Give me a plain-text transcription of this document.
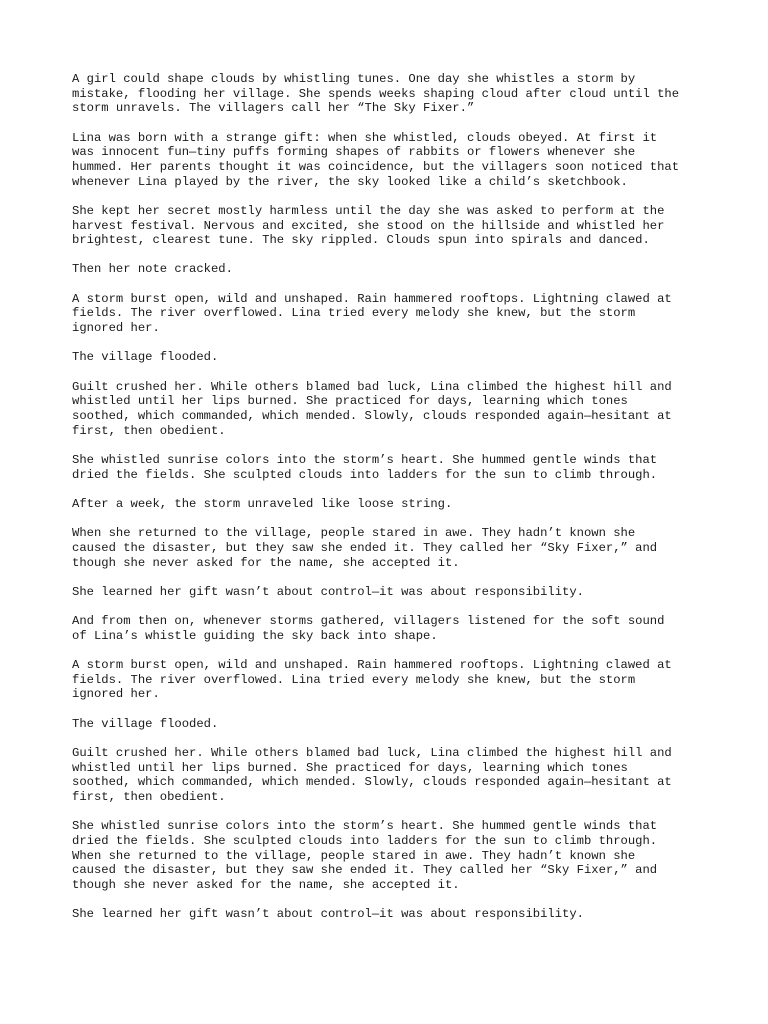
A girl could shape clouds by whistling tunes. One day she whistles a storm by
mistake, flooding her village. She spends weeks shaping cloud after cloud until the
storm unravels. The villagers call her “The Sky Fixer.”

Lina was born with a strange gift: when she whistled, clouds obeyed. At first it
was innocent fun—tiny puffs forming shapes of rabbits or flowers whenever she
hummed. Her parents thought it was coincidence, but the villagers soon noticed that
whenever Lina played by the river, the sky looked like a child’s sketchbook.

She kept her secret mostly harmless until the day she was asked to perform at the
harvest festival. Nervous and excited, she stood on the hillside and whistled her
brightest, clearest tune. The sky rippled. Clouds spun into spirals and danced.

Then her note cracked.

A storm burst open, wild and unshaped. Rain hammered rooftops. Lightning clawed at
fields. The river overflowed. Lina tried every melody she knew, but the storm
ignored her.

The village flooded.

Guilt crushed her. While others blamed bad luck, Lina climbed the highest hill and
whistled until her lips burned. She practiced for days, learning which tones
soothed, which commanded, which mended. Slowly, clouds responded again—hesitant at
first, then obedient.

She whistled sunrise colors into the storm’s heart. She hummed gentle winds that
dried the fields. She sculpted clouds into ladders for the sun to climb through.

After a week, the storm unraveled like loose string.

When she returned to the village, people stared in awe. They hadn’t known she
caused the disaster, but they saw she ended it. They called her “Sky Fixer,” and
though she never asked for the name, she accepted it.

She learned her gift wasn’t about control—it was about responsibility.

And from then on, whenever storms gathered, villagers listened for the soft sound
of Lina’s whistle guiding the sky back into shape.

A storm burst open, wild and unshaped. Rain hammered rooftops. Lightning clawed at
fields. The river overflowed. Lina tried every melody she knew, but the storm
ignored her.

The village flooded.

Guilt crushed her. While others blamed bad luck, Lina climbed the highest hill and
whistled until her lips burned. She practiced for days, learning which tones
soothed, which commanded, which mended. Slowly, clouds responded again—hesitant at
first, then obedient.

She whistled sunrise colors into the storm’s heart. She hummed gentle winds that
dried the fields. She sculpted clouds into ladders for the sun to climb through.
When she returned to the village, people stared in awe. They hadn’t known she
caused the disaster, but they saw she ended it. They called her “Sky Fixer,” and
though she never asked for the name, she accepted it.

She learned her gift wasn’t about control—it was about responsibility.
